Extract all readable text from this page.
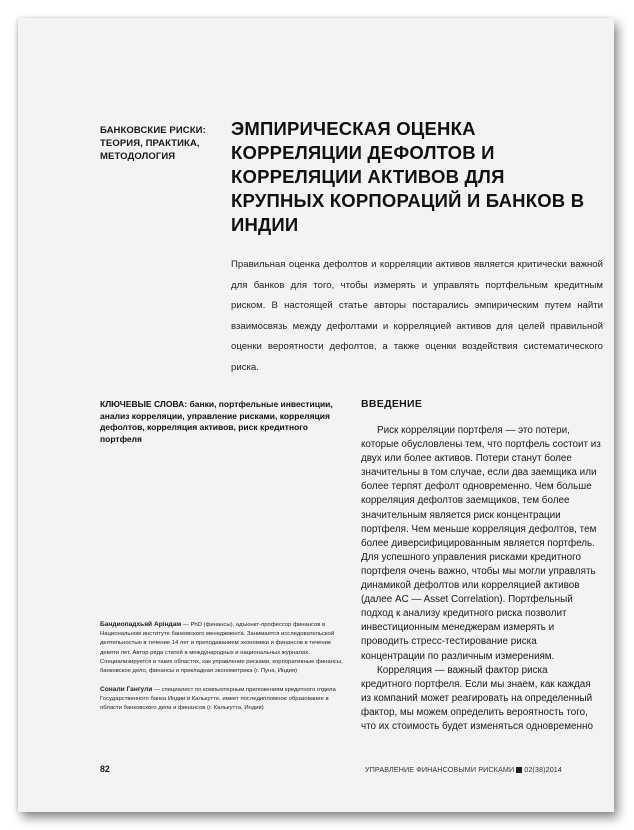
БАНКОВСКИЕ РИСКИ: ТЕОРИЯ, ПРАКТИКА, МЕТОДОЛОГИЯ
ЭМПИРИЧЕСКАЯ ОЦЕНКА КОРРЕЛЯЦИИ ДЕФОЛТОВ И КОРРЕЛЯЦИИ АКТИВОВ ДЛЯ КРУПНЫХ КОРПОРАЦИЙ И БАНКОВ В ИНДИИ
Правильная оценка дефолтов и корреляции активов является критически важной для банков для того, чтобы измерять и управлять портфельным кредитным риском. В настоящей статье авторы постарались эмпирическим путем найти взаимосвязь между дефолтами и корреляцией активов для целей правильной оценки вероятности дефолтов, а также оценки воздействия систематического риска.
КЛЮЧЕВЫЕ СЛОВА: банки, портфельные инвестиции, анализ корреляции, управление рисками, корреляция дефолтов, корреляция активов, риск кредитного портфеля
ВВЕДЕНИЕ

Риск корреляции портфеля — это потери, которые обусловлены тем, что портфель состоит из двух или более активов. Потери станут более значительны в том случае, если два заемщика или более терпят дефолт одновременно. Чем больше корреляция дефолтов заемщиков, тем более значительным является риск концентрации портфеля. Чем меньше корреляция дефолтов, тем более диверсифицированным является портфель. Для успешного управления рисками кредитного портфеля очень важно, чтобы мы могли управлять динамикой дефолтов или корреляцией активов (далее AC — Asset Correlation). Портфельный подход к анализу кредитного риска позволит инвестиционным менеджерам измерять и проводить стресс-тестирование риска концентрации по различным измерениям.

Корреляция — важный фактор риска кредитного портфеля. Если мы знаем, как каждая из компаний может реагировать на определенный фактор, мы можем определить вероятность того, что их стоимость будет изменяться одновременно

Бандиопадхьяй Аріндам — PhD (финансы), адъюнкт-профессор финансов в Национальном институте банковского менеджмента. Занимается исследовательской деятельностью в течение 14 лет и преподаванием экономики и финансов в течение девяти лет. Автор ряда статей в международных и национальных журналах. Специализируется в таких областях, как управление рисками, корпоративные финансы, банковское дело, финансы и прикладная эконометрика (г. Пуна, Индия)
Сонали Гангули — специалист по компьютерным приложениям кредитного отдела Государственного банка Индии в Калькутте, имеет последипломное образование в области банковского дела и финансов (г. Калькутта, Индия)
82	УПРАВЛЕНИЕ ФИНАНСОВЫМИ РИСКАМИ 02(38)2014
